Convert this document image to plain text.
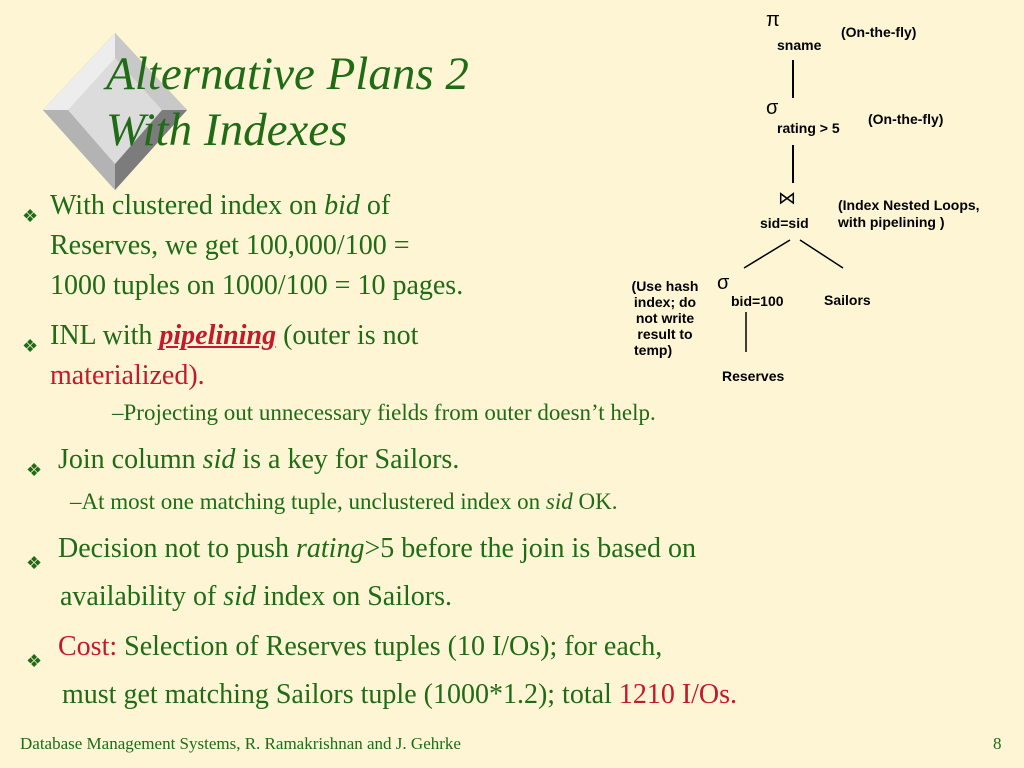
Alternative Plans 2
With Indexes
❖ With clustered index on bid of
Reserves, we get 100,000/100 =
1000 tuples on 1000/100 = 10 pages.
❖ INL with pipelining (outer is not
materialized).
–Projecting out unnecessary fields from outer doesn’t help.
❖ Join column sid is a key for Sailors.
–At most one matching tuple, unclustered index on sid OK.
❖ Decision not to push rating>5 before the join is based on
availability of sid index on Sailors.
❖ Cost: Selection of Reserves tuples (10 I/Os); for each,
must get matching Sailors tuple (1000*1.2); total 1210 I/Os.
π
sname
(On-the-fly)
σ
rating > 5
(On-the-fly)
⋈
sid=sid
(Index Nested Loops,
with pipelining )
σ
bid=100
(Use hash
index; do
not write
result to
temp)
Sailors
Reserves
Database Management Systems, R. Ramakrishnan and J. Gehrke	8
